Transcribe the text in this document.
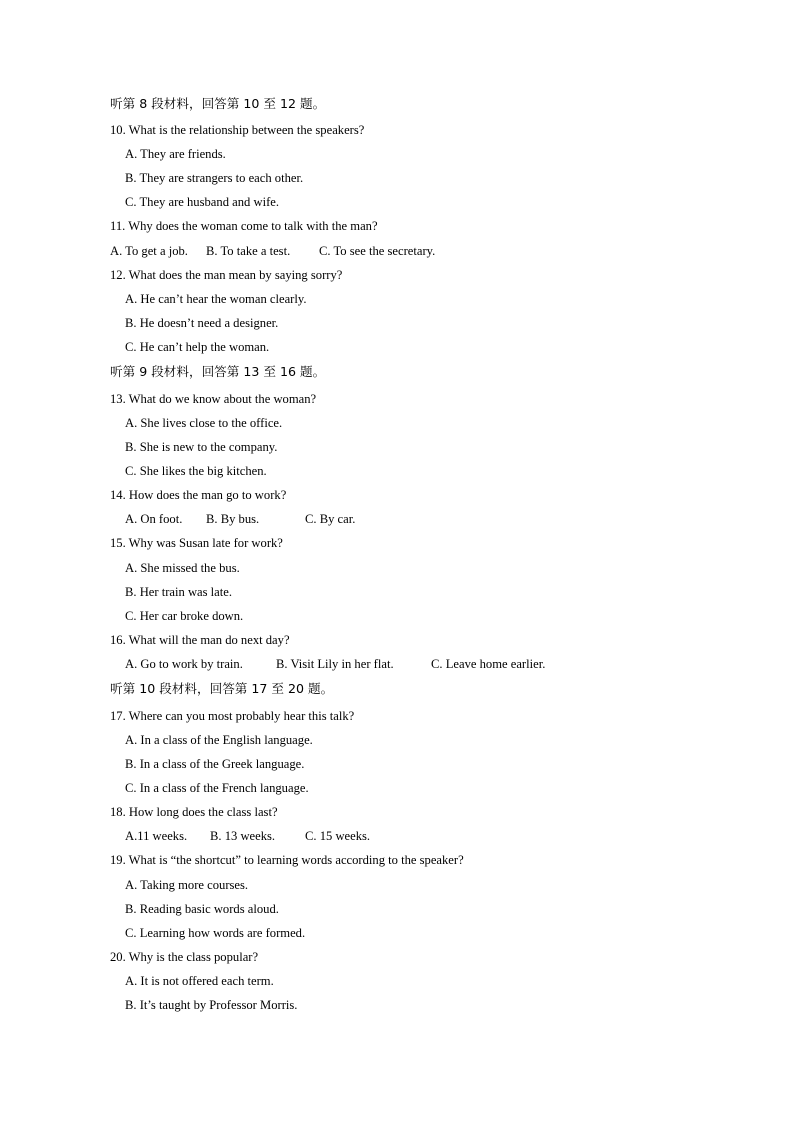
听第 8 段材料，回答第 10 至 12 题。
10. What is the relationship between the speakers?
A. They are friends.
B. They are strangers to each other.
C. They are husband and wife.
11. Why does the woman come to talk with the man?
A. To get a job. B. To take a test. C. To see the secretary.
12. What does the man mean by saying sorry?
A. He can’t hear the woman clearly.
B. He doesn’t need a designer.
C. He can’t help the woman.
听第 9 段材料，回答第 13 至 16 题。
13. What do we know about the woman?
A. She lives close to the office.
B. She is new to the company.
C. She likes the big kitchen.
14. How does the man go to work?
A. On foot. B. By bus.	C. By car.
15. Why was Susan late for work?
A. She missed the bus.
B. Her train was late.
C. Her car broke down.
16. What will the man do next day?
A. Go to work by train.	B. Visit Lily in her flat.	C. Leave home earlier.
听第 10 段材料，回答第 17 至 20 题。
17. Where can you most probably hear this talk?
A. In a class of the English language.
B. In a class of the Greek language.
C. In a class of the French language.
18. How long does the class last?
A.11 weeks. B. 13 weeks. C. 15 weeks.
19. What is “the shortcut” to learning words according to the speaker?
A. Taking more courses.
B. Reading basic words aloud.
C. Learning how words are formed.
20. Why is the class popular?
A. It is not offered each term.
B. It’s taught by Professor Morris.
